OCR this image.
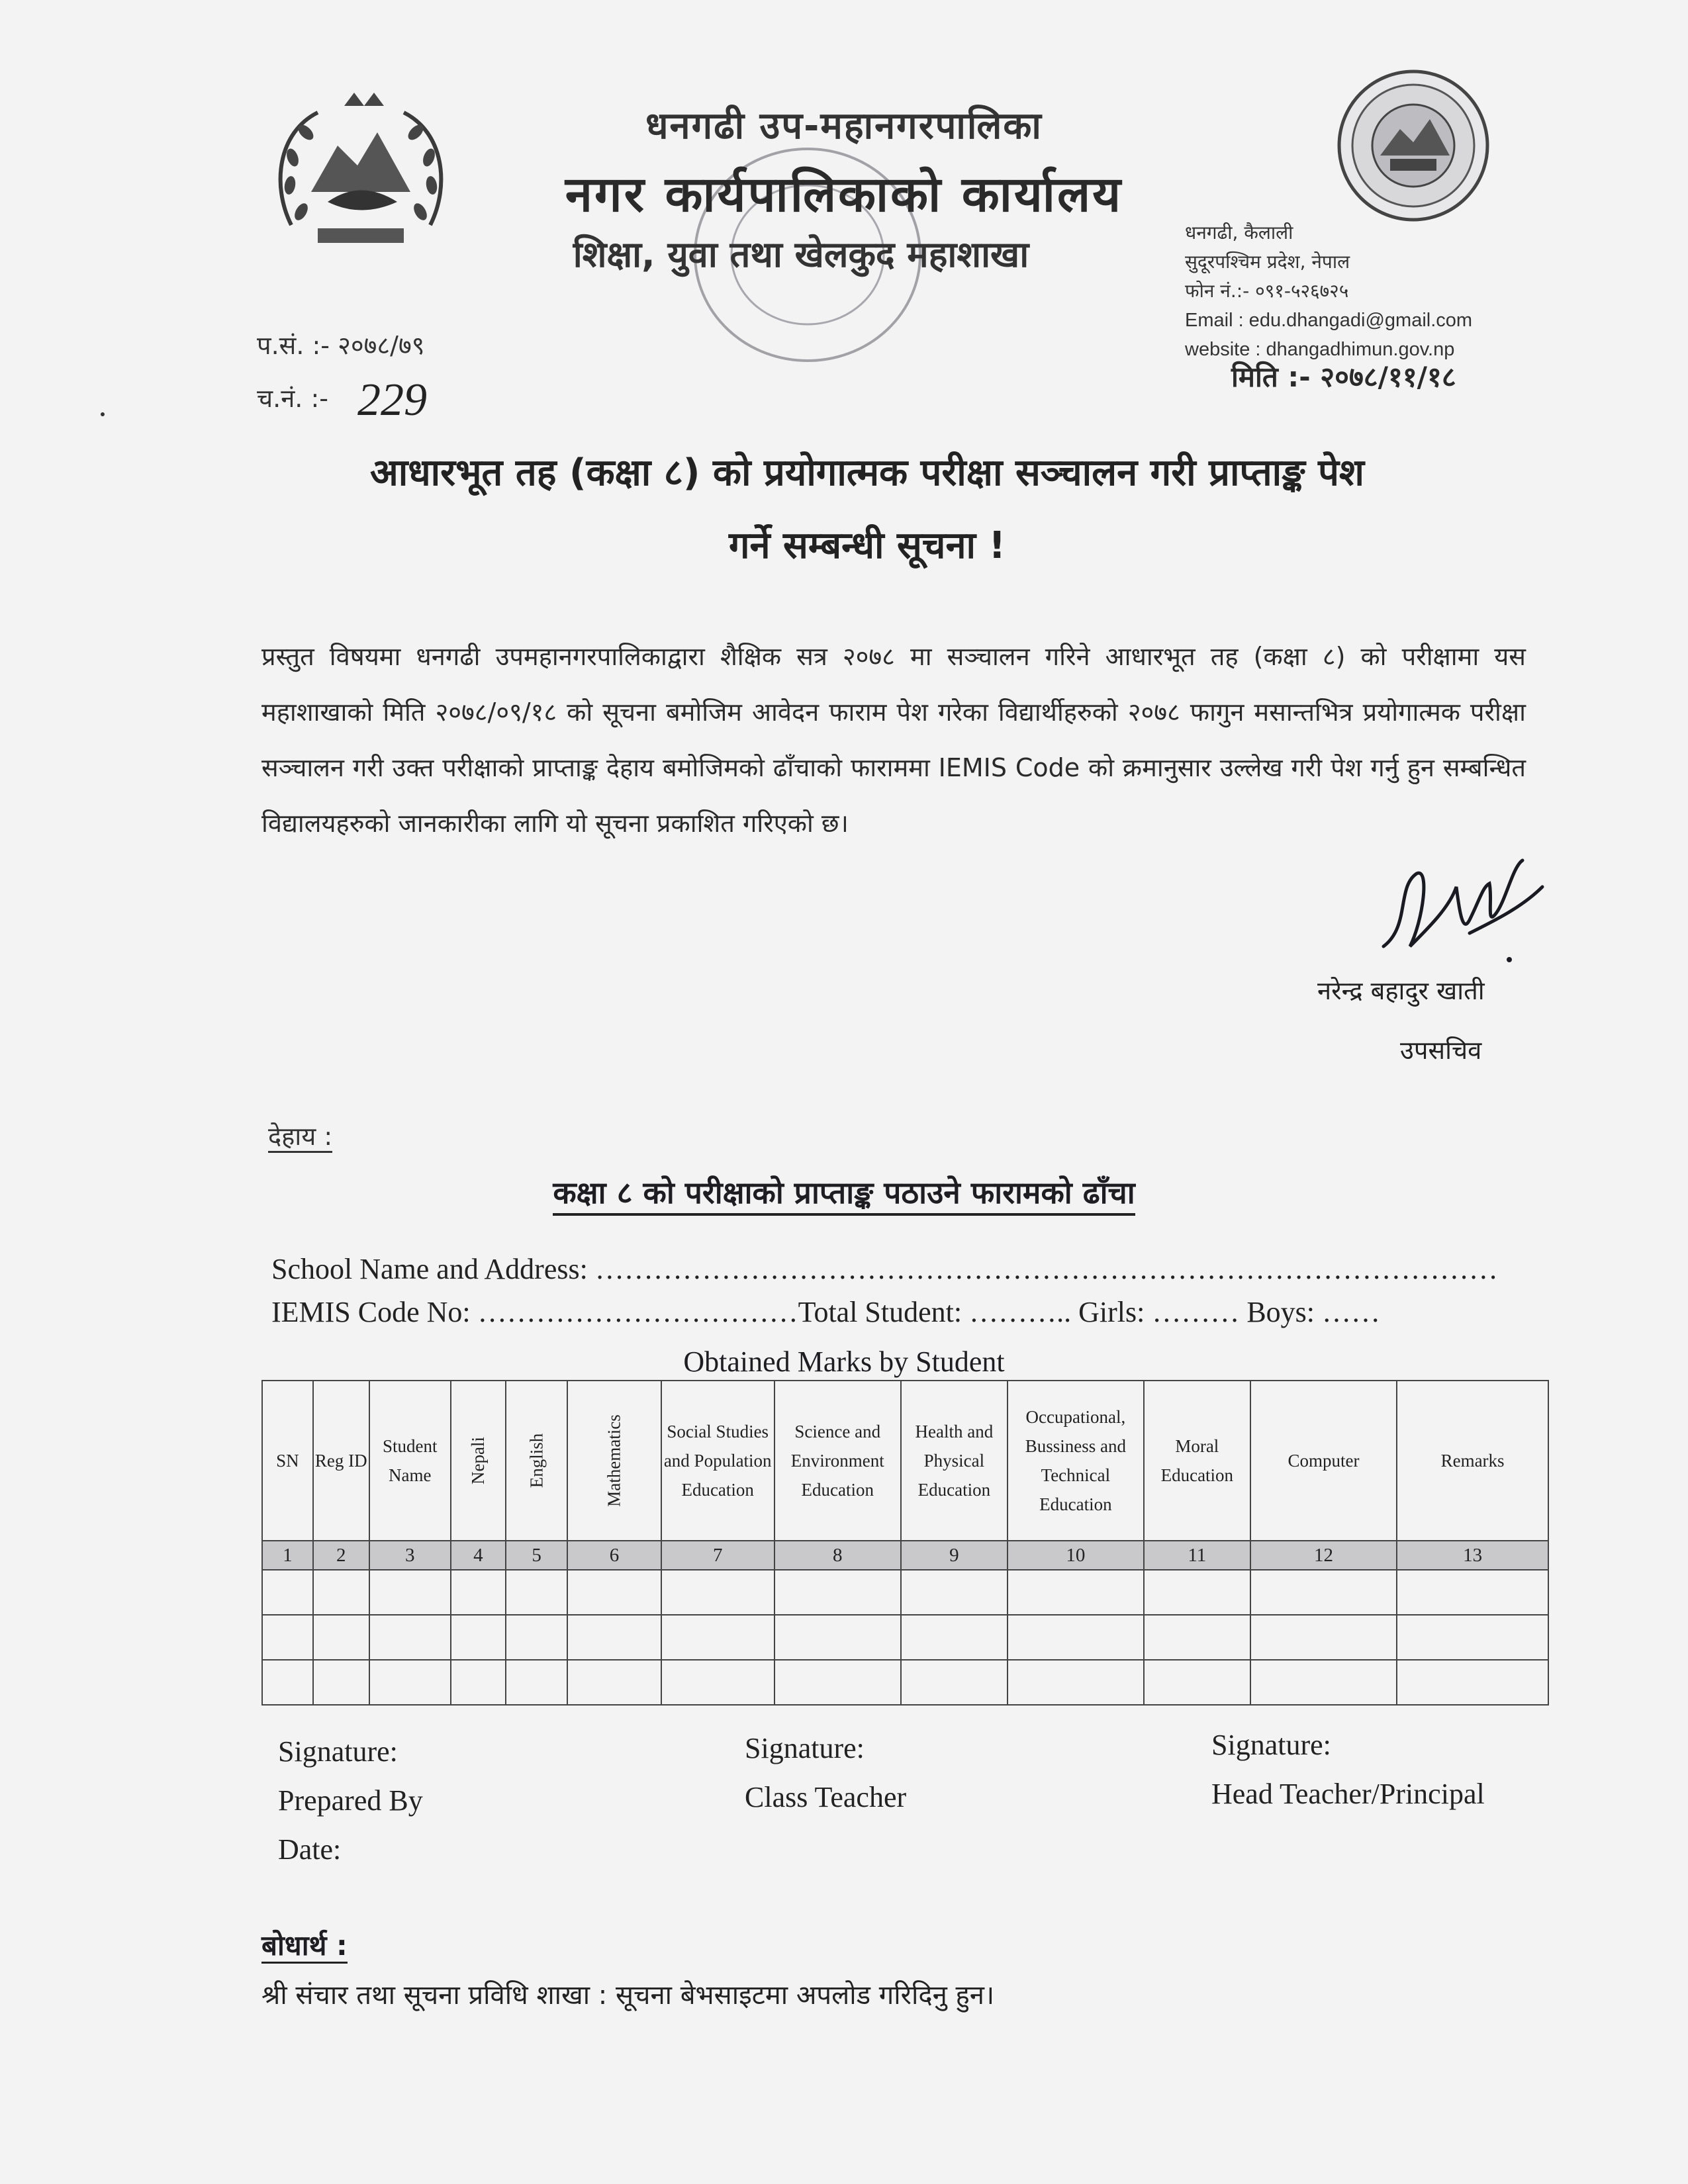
धनगढी उप-महानगरपालिका
नगर कार्यपालिकाको कार्यालय
शिक्षा, युवा तथा खेलकुद महाशाखा
धनगढी, कैलाली
सुदूरपश्चिम प्रदेश, नेपाल
फोन नं.:- ०९१-५२६७२५
Email : edu.dhangadi@gmail.com
website : dhangadhimun.gov.np
प.सं. :- २०७८/७९
च.नं. :- 229	मिति :- २०७८/११/१८
आधारभूत तह (कक्षा ८) को प्रयोगात्मक परीक्षा सञ्चालन गरी प्राप्ताङ्क पेश
गर्ने सम्बन्धी सूचना !
प्रस्तुत विषयमा धनगढी उपमहानगरपालिकाद्वारा शैक्षिक सत्र २०७८ मा सञ्चालन गरिने आधारभूत तह (कक्षा ८) को परीक्षामा यस महाशाखाको मिति २०७८/०९/१८ को सूचना बमोजिम आवेदन फाराम पेश गरेका विद्यार्थीहरुको २०७८ फागुन मसान्तभित्र प्रयोगात्मक परीक्षा सञ्चालन गरी उक्त परीक्षाको प्राप्ताङ्क देहाय बमोजिमको ढाँचाको फाराममा IEMIS Code को क्रमानुसार उल्लेख गरी पेश गर्नु हुन सम्बन्धित विद्यालयहरुको जानकारीका लागि यो सूचना प्रकाशित गरिएको छ।
नरेन्द्र बहादुर खाती
उपसचिव
देहाय :
कक्षा ८ को परीक्षाको प्राप्ताङ्क पठाउने फारामको ढाँचा
School Name and Address: …………………………………………………………………………………
IEMIS Code No: ……………………………Total Student: ……….. Girls: ……… Boys: ……
Obtained Marks by Student
SN	Reg ID	Student Name	Nepali	English	Mathematics	Social Studies and Population Education	Science and Environment Education	Health and Physical Education	Occupational, Bussiness and Technical Education	Moral Education	Computer	Remarks
1	2	3	4	5	6	7	8	9	10	11	12	13

Signature:
Prepared By
Date:
Signature:
Class Teacher
Signature:
Head Teacher/Principal
बोधार्थ :
श्री संचार तथा सूचना प्रविधि शाखा : सूचना बेभसाइटमा अपलोड गरिदिनु हुन।
